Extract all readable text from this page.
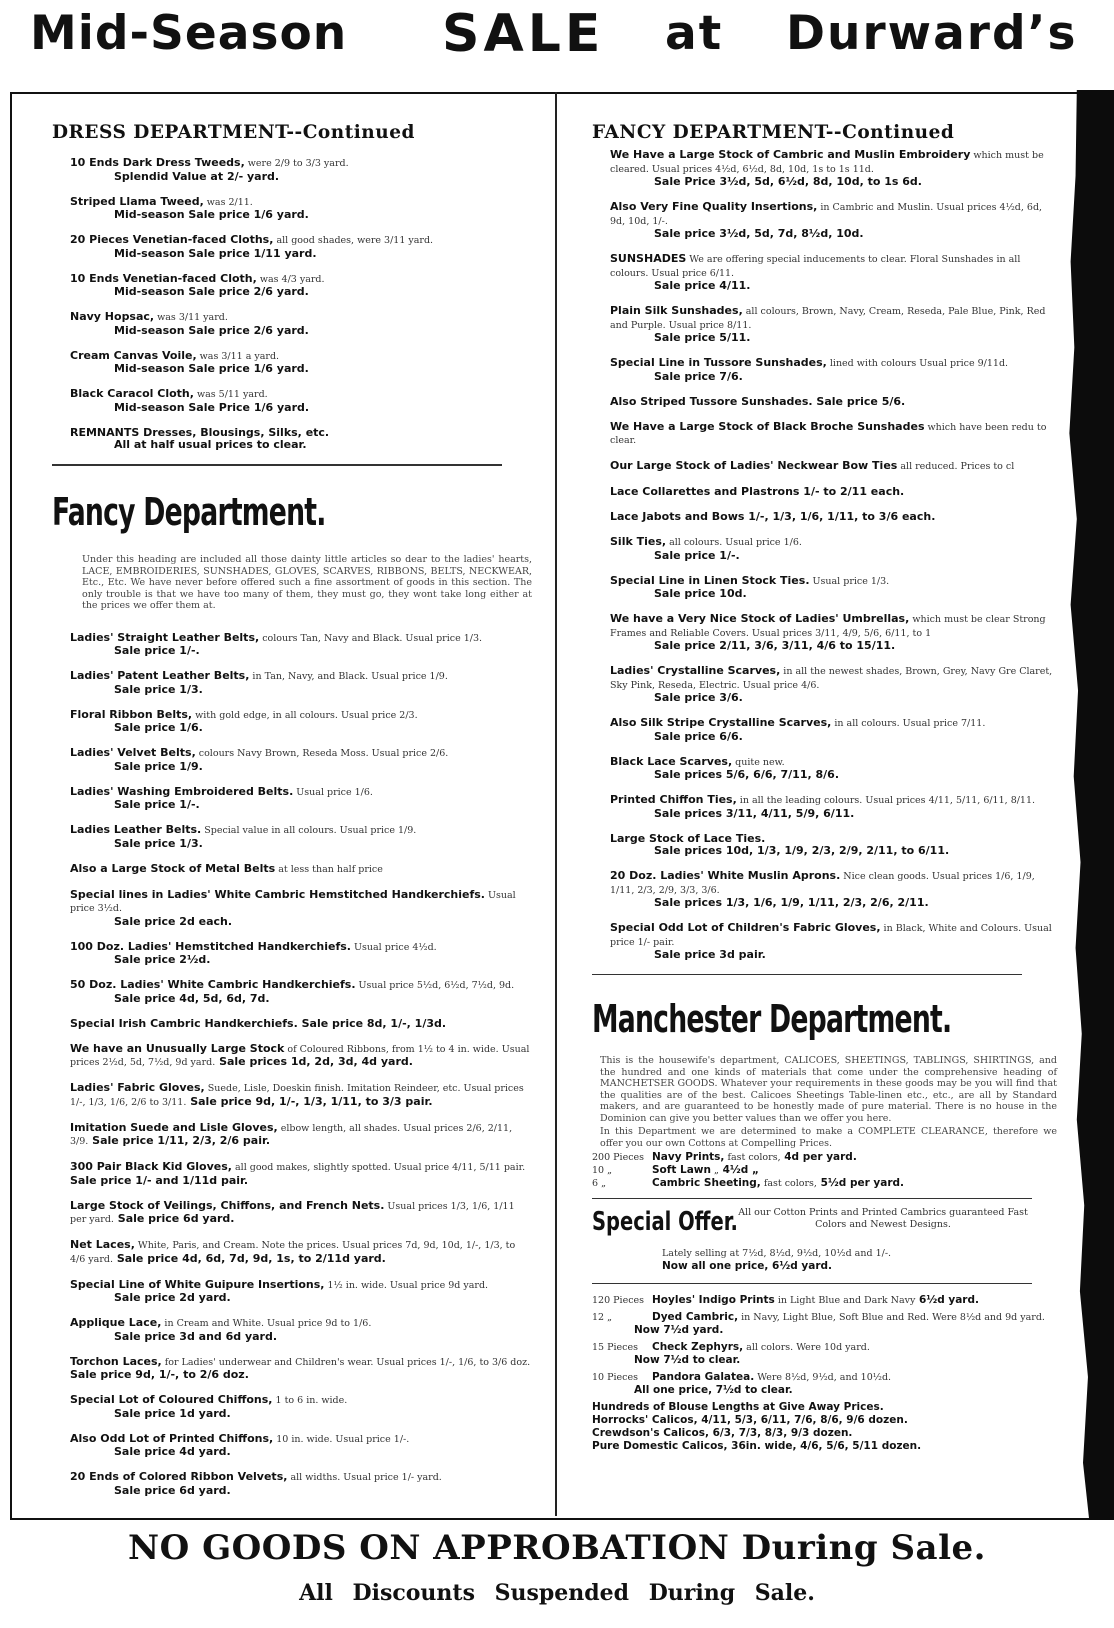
Mid-Season SALE at Durward’s
DRESS DEPARTMENT--Continued
10 Ends Dark Dress Tweeds, were 2/9 to 3/3 yard.
Splendid Value at 2/- yard.
Striped Llama Tweed, was 2/11.
Mid-season Sale price 1/6 yard.
20 Pieces Venetian-faced Cloths, all good shades, were 3/11 yard.
Mid-season Sale price 1/11 yard.
10 Ends Venetian-faced Cloth, was 4/3 yard.
Mid-season Sale price 2/6 yard.
Navy Hopsac, was 3/11 yard.
Mid-season Sale price 2/6 yard.
Cream Canvas Voile, was 3/11 a yard.
Mid-season Sale price 1/6 yard.
Black Caracol Cloth, was 5/11 yard.
Mid-season Sale Price 1/6 yard.
REMNANTS Dresses, Blousings, Silks, etc.
All at half usual prices to clear.
Fancy Department.
Under this heading are included all those dainty little articles so dear to the ladies' hearts, LACE, EMBROIDERIES, SUNSHADES, GLOVES, SCARVES, RIBBONS, BELTS, NECKWEAR, Etc., Etc. We have never before offered such a fine assortment of goods in this section. The only trouble is that we have too many of them, they must go, they wont take long either at the prices we offer them at.
Ladies' Straight Leather Belts, colours Tan, Navy and Black. Usual price 1/3.
Sale price 1/-.
Ladies' Patent Leather Belts, in Tan, Navy, and Black. Usual price 1/9.
Sale price 1/3.
Floral Ribbon Belts, with gold edge, in all colours. Usual price 2/3.
Sale price 1/6.
Ladies' Velvet Belts, colours Navy Brown, Reseda Moss. Usual price 2/6.
Sale price 1/9.
Ladies' Washing Embroidered Belts. Usual price 1/6.
Sale price 1/-.
Ladies Leather Belts. Special value in all colours. Usual price 1/9.
Sale price 1/3.
Also a Large Stock of Metal Belts at less than half price
Special lines in Ladies' White Cambric Hemstitched Handkerchiefs. Usual price 3½d.
Sale price 2d each.
100 Doz. Ladies' Hemstitched Handkerchiefs. Usual price 4½d.
Sale price 2½d.
50 Doz. Ladies' White Cambric Handkerchiefs. Usual price 5½d, 6½d, 7½d, 9d.
Sale price 4d, 5d, 6d, 7d.
Special Irish Cambric Handkerchiefs. Sale price 8d, 1/-, 1/3d.
We have an Unusually Large Stock of Coloured Ribbons, from 1½ to 4 in. wide. Usual prices 2½d, 5d, 7½d, 9d yard. Sale prices 1d, 2d, 3d, 4d yard.
Ladies' Fabric Gloves, Suede, Lisle, Doeskin finish. Imitation Reindeer, etc. Usual prices 1/-, 1/3, 1/6, 2/6 to 3/11. Sale price 9d, 1/-, 1/3, 1/11, to 3/3 pair.
Imitation Suede and Lisle Gloves, elbow length, all shades. Usual prices 2/6, 2/11, 3/9. Sale price 1/11, 2/3, 2/6 pair.
300 Pair Black Kid Gloves, all good makes, slightly spotted. Usual price 4/11, 5/11 pair. Sale price 1/- and 1/11d pair.
Large Stock of Veilings, Chiffons, and French Nets. Usual prices 1/3, 1/6, 1/11 per yard. Sale price 6d yard.
Net Laces, White, Paris, and Cream. Note the prices. Usual prices 7d, 9d, 10d, 1/-, 1/3, to 4/6 yard. Sale price 4d, 6d, 7d, 9d, 1s, to 2/11d yard.
Special Line of White Guipure Insertions, 1½ in. wide. Usual price 9d yard.
Sale price 2d yard.
Applique Lace, in Cream and White. Usual price 9d to 1/6.
Sale price 3d and 6d yard.
Torchon Laces, for Ladies' underwear and Children's wear. Usual prices 1/-, 1/6, to 3/6 doz. Sale price 9d, 1/-, to 2/6 doz.
Special Lot of Coloured Chiffons, 1 to 6 in. wide.
Sale price 1d yard.
Also Odd Lot of Printed Chiffons, 10 in. wide. Usual price 1/-.
Sale price 4d yard.
20 Ends of Colored Ribbon Velvets, all widths. Usual price 1/- yard.
Sale price 6d yard.
FANCY DEPARTMENT--Continued
We Have a Large Stock of Cambric and Muslin Embroidery which must be cleared. Usual prices 4½d, 6½d, 8d, 10d, 1s to 1s 11d.
Sale Price 3½d, 5d, 6½d, 8d, 10d, to 1s 6d.
Also Very Fine Quality Insertions, in Cambric and Muslin. Usual prices 4½d, 6d, 9d, 10d, 1/-.
Sale price 3½d, 5d, 7d, 8½d, 10d.
SUNSHADES We are offering special inducements to clear. Floral Sunshades in all colours. Usual price 6/11.
Sale price 4/11.
Plain Silk Sunshades, all colours, Brown, Navy, Cream, Reseda, Pale Blue, Pink, Red and Purple. Usual price 8/11.
Sale price 5/11.
Special Line in Tussore Sunshades, lined with colours Usual price 9/11d.
Sale price 7/6.
Also Striped Tussore Sunshades. Sale price 5/6.
We Have a Large Stock of Black Broche Sunshades which have been redu to clear.
Our Large Stock of Ladies' Neckwear Bow Ties all reduced. Prices to cl
Lace Collarettes and Plastrons 1/- to 2/11 each.
Lace Jabots and Bows 1/-, 1/3, 1/6, 1/11, to 3/6 each.
Silk Ties, all colours. Usual price 1/6.
Sale price 1/-.
Special Line in Linen Stock Ties. Usual price 1/3.
Sale price 10d.
We have a Very Nice Stock of Ladies' Umbrellas, which must be clear Strong Frames and Reliable Covers. Usual prices 3/11, 4/9, 5/6, 6/11, to 1
Sale price 2/11, 3/6, 3/11, 4/6 to 15/11.
Ladies' Crystalline Scarves, in all the newest shades, Brown, Grey, Navy Gre Claret, Sky Pink, Reseda, Electric. Usual price 4/6.
Sale price 3/6.
Also Silk Stripe Crystalline Scarves, in all colours. Usual price 7/11.
Sale price 6/6.
Black Lace Scarves, quite new.
Sale prices 5/6, 6/6, 7/11, 8/6.
Printed Chiffon Ties, in all the leading colours. Usual prices 4/11, 5/11, 6/11, 8/11.
Sale prices 3/11, 4/11, 5/9, 6/11.
Large Stock of Lace Ties.
Sale prices 10d, 1/3, 1/9, 2/3, 2/9, 2/11, to 6/11.
20 Doz. Ladies' White Muslin Aprons. Nice clean goods. Usual prices 1/6, 1/9, 1/11, 2/3, 2/9, 3/3, 3/6.
Sale prices 1/3, 1/6, 1/9, 1/11, 2/3, 2/6, 2/11.
Special Odd Lot of Children's Fabric Gloves, in Black, White and Colours. Usual price 1/- pair.
Sale price 3d pair.
Manchester Department.
This is the housewife's department, CALICOES, SHEETINGS, TABLINGS, SHIRTINGS, and the hundred and one kinds of materials that come under the comprehensive heading of MANCHETSER GOODS. Whatever your requirements in these goods may be you will find that the qualities are of the best. Calicoes Sheetings Table-linen etc., etc., are all by Standard makers, and are guaranteed to be honestly made of pure material. There is no house in the Dominion can give you better values than we offer you here.
In this Department we are determined to make a COMPLETE CLEARANCE, therefore we offer you our own Cottons at Compelling Prices.
200 Pieces Navy Prints, fast colors, 4d per yard.
10 „	Soft Lawn „ 4½d „
6 „	Cambric Sheeting, fast colors, 5½d per yard.
Special Offer. All our Cotton Prints and Printed Cambrics guaranteed Fast Colors and Newest Designs.
Lately selling at 7½d, 8½d, 9½d, 10½d and 1/-.
Now all one price, 6½d yard.
120 Pieces Hoyles' Indigo Prints in Light Blue and Dark Navy 6½d yard.
12 „	Dyed Cambric, in Navy, Light Blue, Soft Blue and Red. Were 8½d and 9d yard.
Now 7½d yard.
15 Pieces Check Zephyrs, all colors. Were 10d yard.
Now 7½d to clear.
10 Pieces Pandora Galatea. Were 8½d, 9½d, and 10½d.
All one price, 7½d to clear.
Hundreds of Blouse Lengths at Give Away Prices.
Horrocks' Calicos, 4/11, 5/3, 6/11, 7/6, 8/6, 9/6 dozen.
Crewdson's Calicos, 6/3, 7/3, 8/3, 9/3 dozen.
Pure Domestic Calicos, 36in. wide, 4/6, 5/6, 5/11 dozen.
NO GOODS ON APPROBATION During Sale.
All Discounts Suspended During Sale.
